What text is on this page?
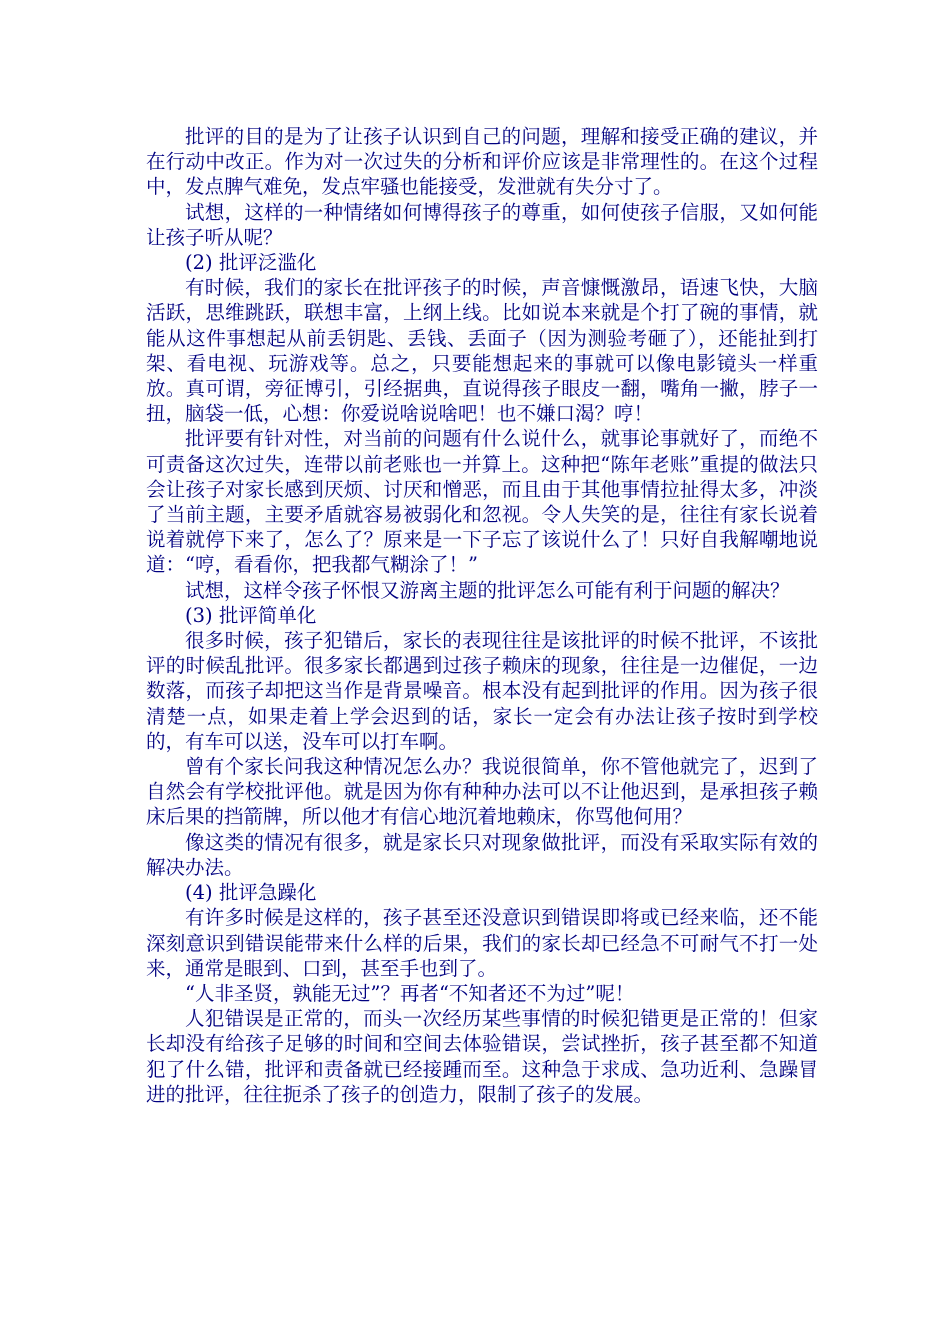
批评的目的是为了让孩子认识到自己的问题，理解和接受正确的建议，并在行动中改正。作为对一次过失的分析和评价应该是非常理性的。在这个过程中，发点脾气难免，发点牢骚也能接受，发泄就有失分寸了。

试想，这样的一种情绪如何博得孩子的尊重，如何使孩子信服，又如何能让孩子听从呢？

(2) 批评泛滥化

有时候，我们的家长在批评孩子的时候，声音慷慨激昂，语速飞快，大脑活跃，思维跳跃，联想丰富，上纲上线。比如说本来就是个打了碗的事情，就能从这件事想起从前丢钥匙、丢钱、丢面子（因为测验考砸了），还能扯到打架、看电视、玩游戏等。总之，只要能想起来的事就可以像电影镜头一样重放。真可谓，旁征博引，引经据典，直说得孩子眼皮一翻，嘴角一撇，脖子一扭，脑袋一低，心想：你爱说啥说啥吧！也不嫌口渴？哼！

批评要有针对性，对当前的问题有什么说什么，就事论事就好了，而绝不可责备这次过失，连带以前老账也一并算上。这种把“陈年老账”重提的做法只会让孩子对家长感到厌烦、讨厌和憎恶，而且由于其他事情拉扯得太多，冲淡了当前主题，主要矛盾就容易被弱化和忽视。令人失笑的是，往往有家长说着说着就停下来了，怎么了？原来是一下子忘了该说什么了！只好自我解嘲地说道：“哼，看看你，把我都气糊涂了！”

试想，这样令孩子怀恨又游离主题的批评怎么可能有利于问题的解决？

(3) 批评简单化

很多时候，孩子犯错后，家长的表现往往是该批评的时候不批评，不该批评的时候乱批评。很多家长都遇到过孩子赖床的现象，往往是一边催促，一边数落，而孩子却把这当作是背景噪音。根本没有起到批评的作用。因为孩子很清楚一点，如果走着上学会迟到的话，家长一定会有办法让孩子按时到学校的，有车可以送，没车可以打车啊。

曾有个家长问我这种情况怎么办？我说很简单，你不管他就完了，迟到了自然会有学校批评他。就是因为你有种种办法可以不让他迟到，是承担孩子赖床后果的挡箭牌，所以他才有信心地沉着地赖床，你骂他何用？

像这类的情况有很多，就是家长只对现象做批评，而没有采取实际有效的解决办法。

(4) 批评急躁化

有许多时候是这样的，孩子甚至还没意识到错误即将或已经来临，还不能深刻意识到错误能带来什么样的后果，我们的家长却已经急不可耐气不打一处来，通常是眼到、口到，甚至手也到了。

“人非圣贤，孰能无过”？再者“不知者还不为过”呢！

人犯错误是正常的，而头一次经历某些事情的时候犯错更是正常的！但家长却没有给孩子足够的时间和空间去体验错误，尝试挫折，孩子甚至都不知道犯了什么错，批评和责备就已经接踵而至。这种急于求成、急功近利、急躁冒进的批评，往往扼杀了孩子的创造力，限制了孩子的发展。
